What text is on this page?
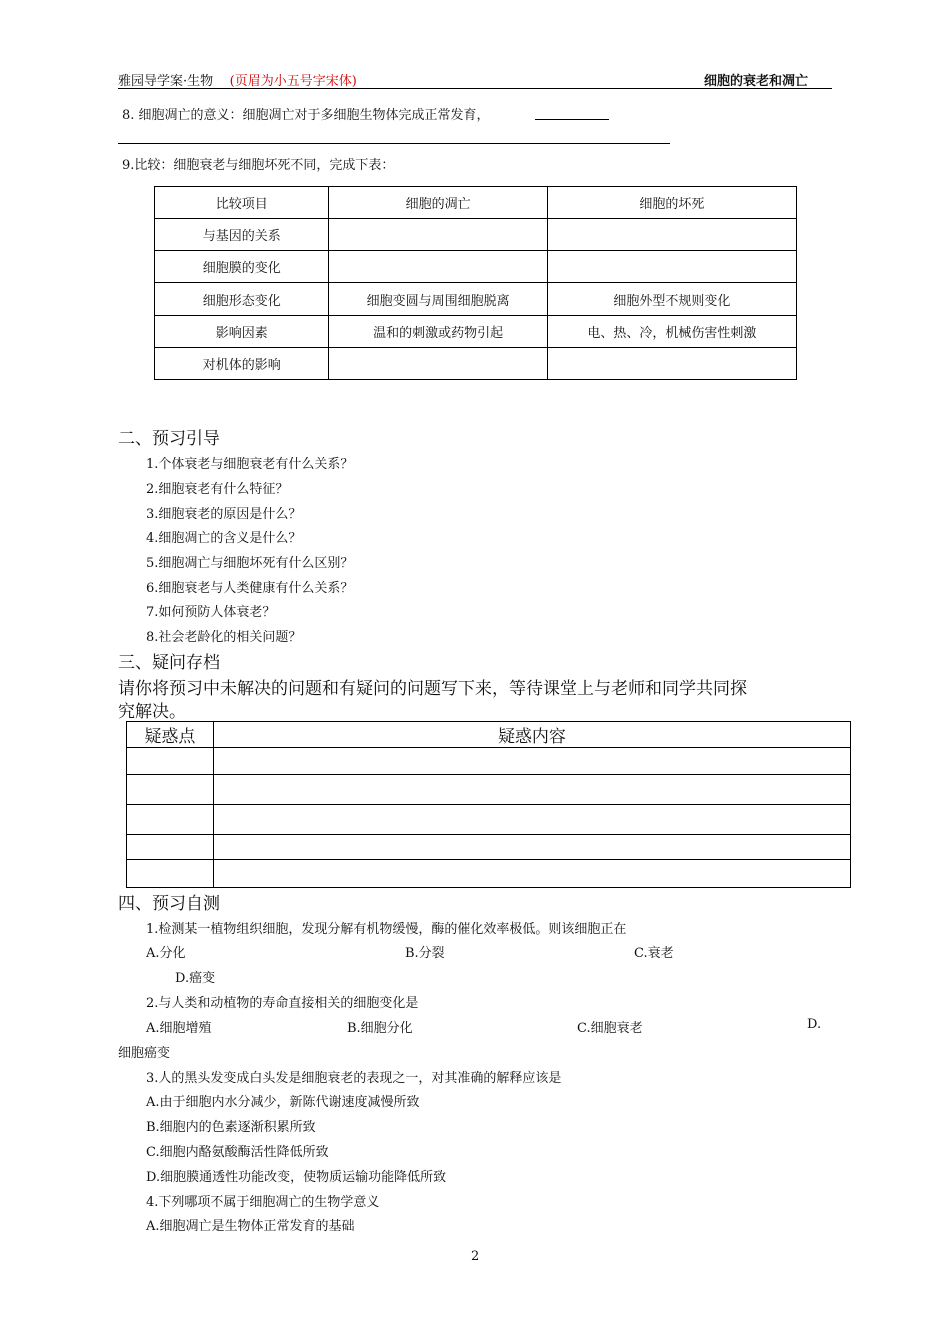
雅园导学案·生物 (页眉为小五号字宋体)	细胞的衰老和凋亡
8. 细胞凋亡的意义：细胞凋亡对于多细胞生物体完成正常发育，
9.比较：细胞衰老与细胞坏死不同，完成下表：
比较项目	细胞的凋亡	细胞的坏死
与基因的关系		
细胞膜的变化		
细胞形态变化	细胞变圆与周围细胞脱离	细胞外型不规则变化
影响因素	温和的刺激或药物引起	电、热、冷，机械伤害性刺激
对机体的影响		
二、预习引导
1.个体衰老与细胞衰老有什么关系？
2.细胞衰老有什么特征？
3.细胞衰老的原因是什么？
4.细胞凋亡的含义是什么？
5.细胞凋亡与细胞坏死有什么区别？
6.细胞衰老与人类健康有什么关系？
7.如何预防人体衰老？
8.社会老龄化的相关问题？
三、疑问存档
请你将预习中未解决的问题和有疑问的问题写下来，等待课堂上与老师和同学共同探
究解决。
疑惑点	疑惑内容

四、预习自测
1.检测某一植物组织细胞，发现分解有机物缓慢，酶的催化效率极低。则该细胞正在
A.分化	B.分裂	C.衰老
D.癌变
2.与人类和动植物的寿命直接相关的细胞变化是
A.细胞增殖	B.细胞分化	C.细胞衰老	D.
细胞癌变
3.人的黑头发变成白头发是细胞衰老的表现之一，对其准确的解释应该是
A.由于细胞内水分减少，新陈代谢速度减慢所致
B.细胞内的色素逐渐积累所致
C.细胞内酪氨酸酶活性降低所致
D.细胞膜通透性功能改变，使物质运输功能降低所致
4.下列哪项不属于细胞凋亡的生物学意义
A.细胞凋亡是生物体正常发育的基础
2
